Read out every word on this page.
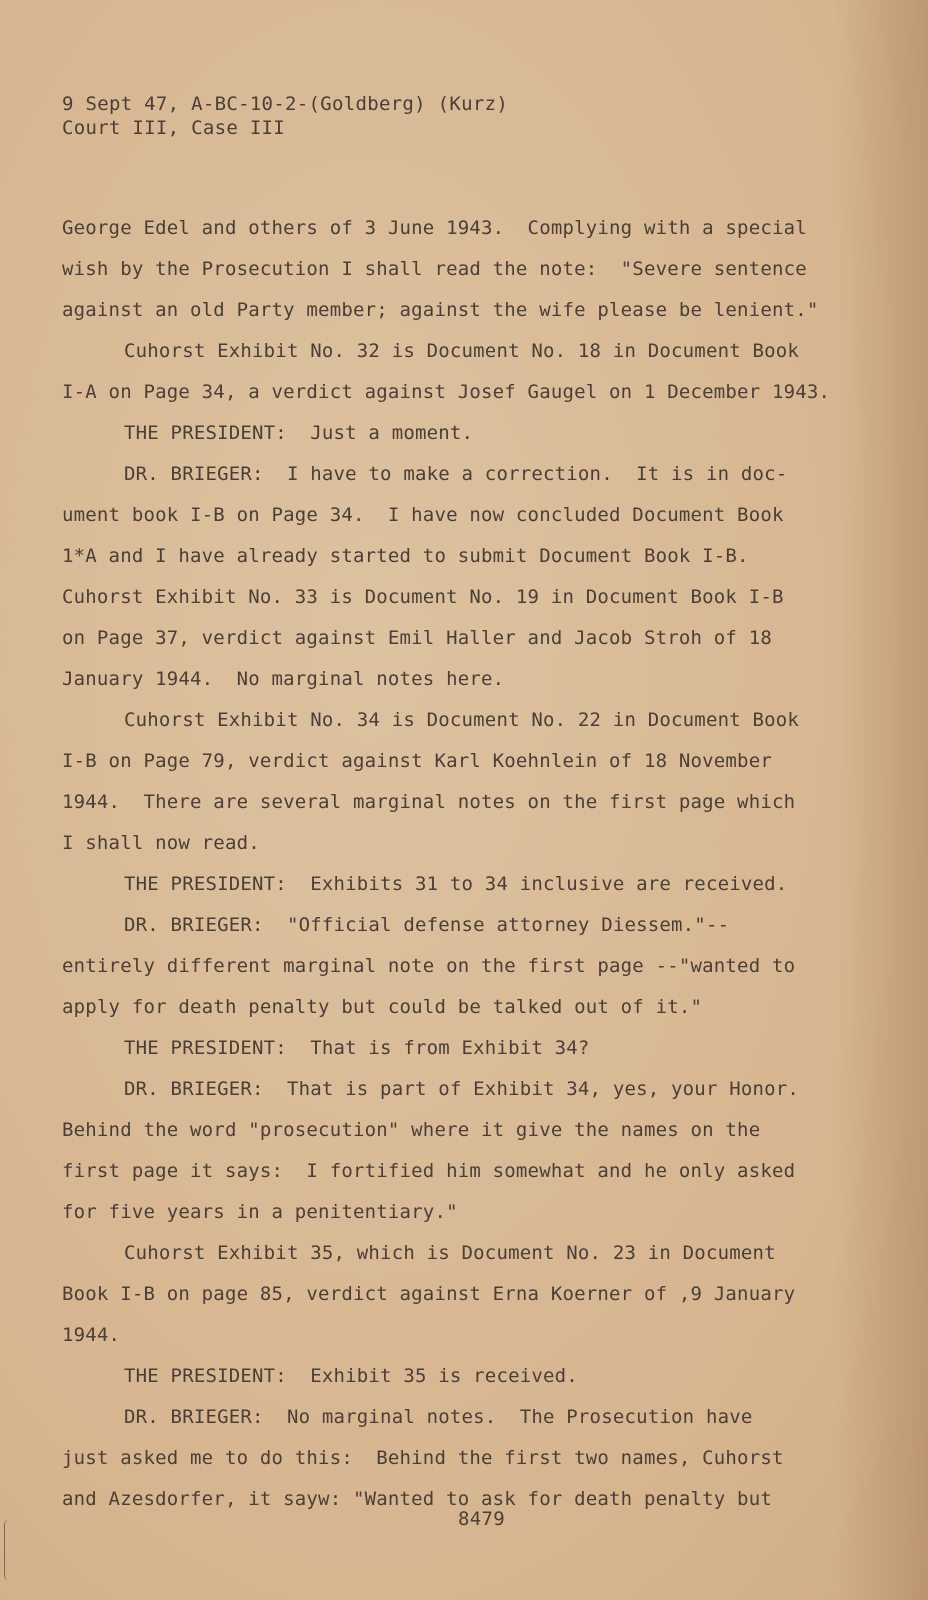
9 Sept 47, A-BC-10-2-(Goldberg) (Kurz)
Court III, Case III
George Edel and others of 3 June 1943.  Complying with a special
wish by the Prosecution I shall read the note:  "Severe sentence
against an old Party member; against the wife please be lenient."
Cuhorst Exhibit No. 32 is Document No. 18 in Document Book
I-A on Page 34, a verdict against Josef Gaugel on 1 December 1943.
THE PRESIDENT:  Just a moment.
DR. BRIEGER:  I have to make a correction.  It is in doc-
ument book I-B on Page 34.  I have now concluded Document Book
1*A and I have already started to submit Document Book I-B.
Cuhorst Exhibit No. 33 is Document No. 19 in Document Book I-B
on Page 37, verdict against Emil Haller and Jacob Stroh of 18
January 1944.  No marginal notes here.
Cuhorst Exhibit No. 34 is Document No. 22 in Document Book
I-B on Page 79, verdict against Karl Koehnlein of 18 November
1944.  There are several marginal notes on the first page which
I shall now read.
THE PRESIDENT:  Exhibits 31 to 34 inclusive are received.
DR. BRIEGER:  "Official defense attorney Diessem."--
entirely different marginal note on the first page --"wanted to
apply for death penalty but could be talked out of it."
THE PRESIDENT:  That is from Exhibit 34?
DR. BRIEGER:  That is part of Exhibit 34, yes, your Honor.
Behind the word "prosecution" where it give the names on the
first page it says:  I fortified him somewhat and he only asked
for five years in a penitentiary."
Cuhorst Exhibit 35, which is Document No. 23 in Document
Book I-B on page 85, verdict against Erna Koerner of ,9 January
1944.
THE PRESIDENT:  Exhibit 35 is received.
DR. BRIEGER:  No marginal notes.  The Prosecution have
just asked me to do this:  Behind the first two names, Cuhorst
and Azesdorfer, it sayw: "Wanted to ask for death penalty but
8479
